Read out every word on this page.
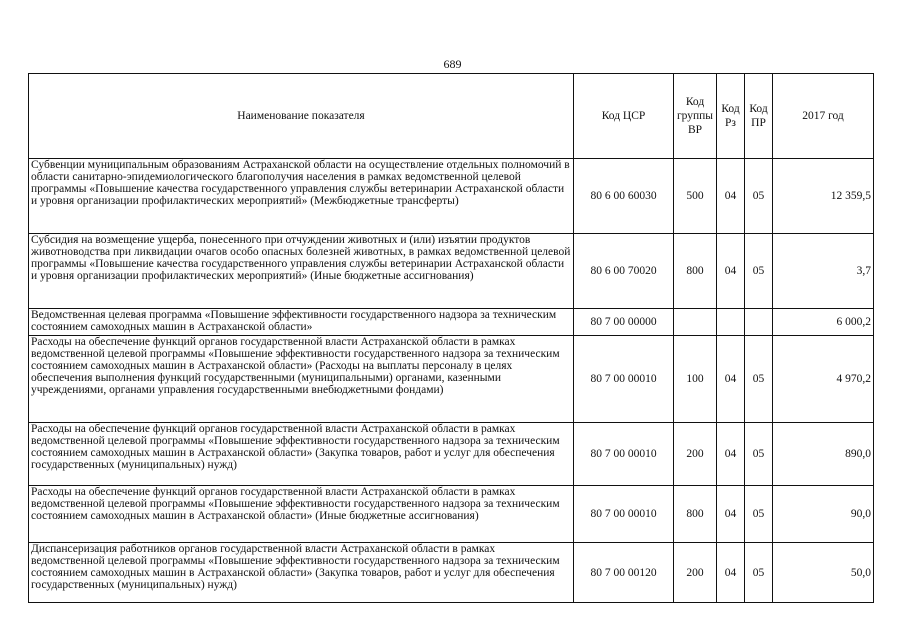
689
Наименование показателя	Код ЦСР	Код группы ВР	Код Рз	Код ПР	2017 год
Субвенции муниципальным образованиям Астраханской области на осуществление отдельных полномочий в области санитарно-эпидемиологического благополучия населения в рамках ведомственной целевой программы «Повышение качества государственного управления службы ветеринарии Астраханской области и уровня организации профилактических мероприятий» (Межбюджетные трансферты)	80 6 00 60030	500	04	05	12 359,5
Субсидия на возмещение ущерба, понесенного при отчуждении животных и (или) изъятии продуктов животноводства при ликвидации очагов особо опасных болезней животных, в рамках ведомственной целевой программы «Повышение качества государственного управления службы ветеринарии Астраханской области и уровня организации профилактических мероприятий» (Иные бюджетные ассигнования)	80 6 00 70020	800	04	05	3,7
Ведомственная целевая программа «Повышение эффективности государственного надзора за техническим состоянием самоходных машин в Астраханской области»	80 7 00 00000				6 000,2
Расходы на обеспечение функций органов государственной власти Астраханской области в рамках ведомственной целевой программы «Повышение эффективности государственного надзора за техническим состоянием самоходных машин в Астраханской области» (Расходы на выплаты персоналу в целях обеспечения выполнения функций государственными (муниципальными) органами, казенными учреждениями, органами управления государственными внебюджетными фондами)	80 7 00 00010	100	04	05	4 970,2
Расходы на обеспечение функций органов государственной власти Астраханской области в рамках ведомственной целевой программы «Повышение эффективности государственного надзора за техническим состоянием самоходных машин в Астраханской области» (Закупка товаров, работ и услуг для обеспечения государственных (муниципальных) нужд)	80 7 00 00010	200	04	05	890,0
Расходы на обеспечение функций органов государственной власти Астраханской области в рамках ведомственной целевой программы «Повышение эффективности государственного надзора за техническим состоянием самоходных машин в Астраханской области» (Иные бюджетные ассигнования)	80 7 00 00010	800	04	05	90,0
Диспансеризация работников органов государственной власти Астраханской области в рамках ведомственной целевой программы «Повышение эффективности государственного надзора за техническим состоянием самоходных машин в Астраханской области» (Закупка товаров, работ и услуг для обеспечения государственных (муниципальных) нужд)	80 7 00 00120	200	04	05	50,0
